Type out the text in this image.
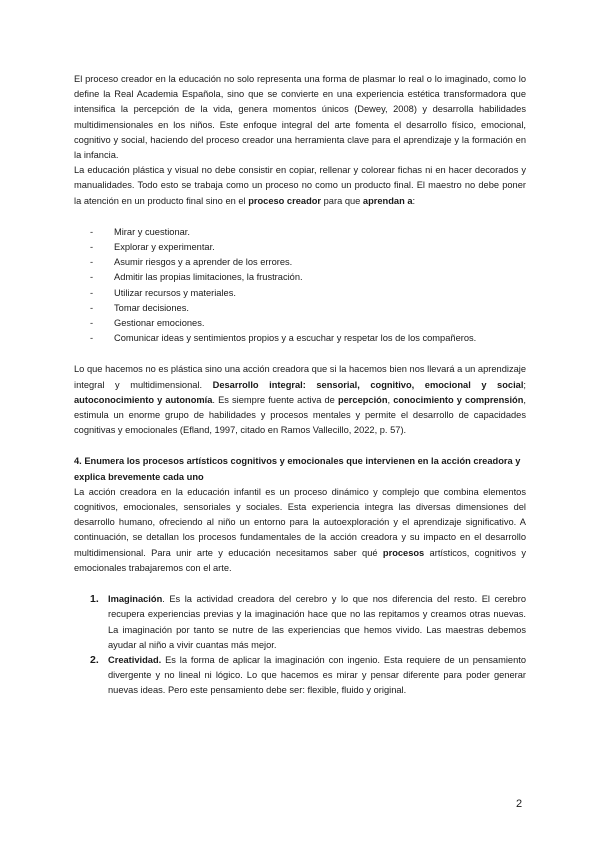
El proceso creador en la educación no solo representa una forma de plasmar lo real o lo imaginado, como lo define la Real Academia Española, sino que se convierte en una experiencia estética transformadora que intensifica la percepción de la vida, genera momentos únicos (Dewey, 2008) y desarrolla habilidades multidimensionales en los niños. Este enfoque integral del arte fomenta el desarrollo físico, emocional, cognitivo y social, haciendo del proceso creador una herramienta clave para el aprendizaje y la formación en la infancia.

La educación plástica y visual no debe consistir en copiar, rellenar y colorear fichas ni en hacer decorados y manualidades. Todo esto se trabaja como un proceso no como un producto final. El maestro no debe poner la atención en un producto final sino en el proceso creador para que aprendan a:

- Mirar y cuestionar.
- Explorar y experimentar.
- Asumir riesgos y a aprender de los errores.
- Admitir las propias limitaciones, la frustración.
- Utilizar recursos y materiales.
- Tomar decisiones.
- Gestionar emociones.
- Comunicar ideas y sentimientos propios y a escuchar y respetar los de los compañeros.

Lo que hacemos no es plástica sino una acción creadora que si la hacemos bien nos llevará a un aprendizaje integral y multidimensional. Desarrollo integral: sensorial, cognitivo, emocional y social; autoconocimiento y autonomía. Es siempre fuente activa de percepción, conocimiento y comprensión, estimula un enorme grupo de habilidades y procesos mentales y permite el desarrollo de capacidades cognitivas y emocionales (Efland, 1997, citado en Ramos Vallecillo, 2022, p. 57).

4. Enumera los procesos artísticos cognitivos y emocionales que intervienen en la acción creadora y explica brevemente cada uno

La acción creadora en la educación infantil es un proceso dinámico y complejo que combina elementos cognitivos, emocionales, sensoriales y sociales. Esta experiencia integra las diversas dimensiones del desarrollo humano, ofreciendo al niño un entorno para la autoexploración y el aprendizaje significativo. A continuación, se detallan los procesos fundamentales de la acción creadora y su impacto en el desarrollo multidimensional. Para unir arte y educación necesitamos saber qué procesos artísticos, cognitivos y emocionales trabajaremos con el arte.

1. Imaginación. Es la actividad creadora del cerebro y lo que nos diferencia del resto. El cerebro recupera experiencias previas y la imaginación hace que no las repitamos y creamos otras nuevas. La imaginación por tanto se nutre de las experiencias que hemos vivido. Las maestras debemos ayudar al niño a vivir cuantas más mejor.
2. Creatividad. Es la forma de aplicar la imaginación con ingenio. Esta requiere de un pensamiento divergente y no lineal ni lógico. Lo que hacemos es mirar y pensar diferente para poder generar nuevas ideas. Pero este pensamiento debe ser: flexible, fluido y original.
2
